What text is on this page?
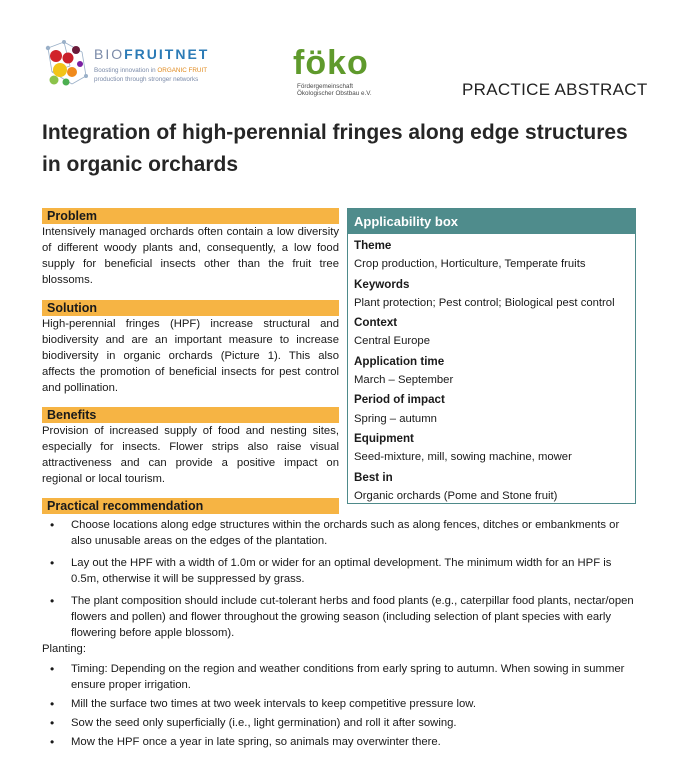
BIOFRUITNET
Boosting innovation in ORGANIC FRUIT
production through stronger networks	föko
Fördergemeinschaft
Ökologischer Obstbau e.V.	PRACTICE ABSTRACT
Integration of high-perennial fringes along edge structures in organic orchards
Problem
Intensively managed orchards often contain a low diversity of different woody plants and, consequently, a low food supply for beneficial insects other than the fruit tree blossoms.
Solution
High-perennial fringes (HPF) increase structural and biodiversity and are an important measure to increase biodiversity in organic orchards (Picture 1). This also affects the promotion of beneficial insects for pest control and pollination.
Benefits
Provision of increased supply of food and nesting sites, especially for insects. Flower strips also raise visual attractiveness and can provide a positive impact on regional or local tourism.
Applicability box
Theme
Crop production, Horticulture, Temperate fruits
Keywords
Plant protection; Pest control; Biological pest control
Context
Central Europe
Application time
March – September
Period of impact
Spring – autumn
Equipment
Seed-mixture, mill, sowing machine, mower
Best in
Organic orchards (Pome and Stone fruit)
Practical recommendation
• Choose locations along edge structures within the orchards such as along fences, ditches or embankments or also unusable areas on the edges of the plantation.
• Lay out the HPF with a width of 1.0m or wider for an optimal development. The minimum width for an HPF is 0.5m, otherwise it will be suppressed by grass.
• The plant composition should include cut-tolerant herbs and food plants (e.g., caterpillar food plants, nectar/open flowers and pollen) and flower throughout the growing season (including selection of plant species with early flowering before apple blossom).
Planting:
• Timing: Depending on the region and weather conditions from early spring to autumn. When sowing in summer ensure proper irrigation.
• Mill the surface two times at two week intervals to keep competitive pressure low.
• Sow the seed only superficially (i.e., light germination) and roll it after sowing.
• Mow the HPF once a year in late spring, so animals may overwinter there.
